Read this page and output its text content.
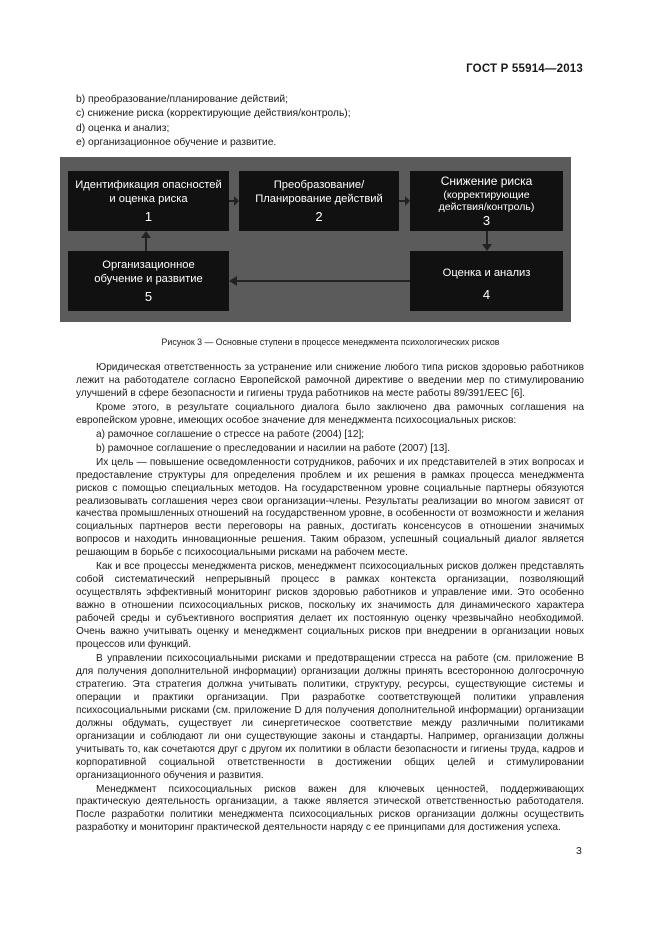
ГОСТ Р 55914—2013
b) преобразование/планирование действий;
c) снижение риска (корректирующие действия/контроль);
d) оценка и анализ;
e) организационное обучение и развитие.
Идентификация опасностей
и оценка риска
1
Преобразование/
Планирование действий
2
Снижение риска
(корректирующие
действия/контроль)
3
Оценка и анализ
4
Организационное
обучение и развитие
5
Рисунок 3 — Основные ступени в процессе менеджмента психологических рисков

Юридическая ответственность за устранение или снижение любого типа рисков здоровью работников лежит на работодателе согласно Европейской рамочной директиве о введении мер по стимулированию улучшений в сфере безопасности и гигиены труда работников на месте работы 89/391/ЕЕС [6].

Кроме этого, в результате социального диалога было заключено два рамочных соглашения на европейском уровне, имеющих особое значение для менеджмента психосоциальных рисков:

a) рамочное соглашение о стрессе на работе (2004) [12];

b) рамочное соглашение о преследовании и насилии на работе (2007) [13].

Их цель — повышение осведомленности сотрудников, рабочих и их представителей в этих вопросах и предоставление структуры для определения проблем и их решения в рамках процесса менеджмента рисков с помощью специальных методов. На государственном уровне социальные партнеры обязуются реализовывать соглашения через свои организации-члены. Результаты реализации во многом зависят от качества промышленных отношений на государственном уровне, в особенности от возможности и желания социальных партнеров вести переговоры на равных, достигать консенсусов в отношении значимых вопросов и находить инновационные решения. Таким образом, успешный социальный диалог является решающим в борьбе с психосоциальными рисками на рабочем месте.

Как и все процессы менеджмента рисков, менеджмент психосоциальных рисков должен представлять собой систематический непрерывный процесс в рамках контекста организации, позволяющий осуществлять эффективный мониторинг рисков здоровью работников и управление ими. Это особенно важно в отношении психосоциальных рисков, поскольку их значимость для динамического характера рабочей среды и субъективного восприятия делает их постоянную оценку чрезвычайно необходимой. Очень важно учитывать оценку и менеджмент социальных рисков при внедрении в организации новых процессов или функций.

В управлении психосоциальными рисками и предотвращении стресса на работе (см. приложение В для получения дополнительной информации) организации должны принять всесторонною долгосрочную стратегию. Эта стратегия должна учитывать политики, структуру, ресурсы, существующие системы и операции и практики организации. При разработке соответствующей политики управления психосоциальными рисками (см. приложение D для получения дополнительной информации) организации должны обдумать, существует ли синергетическое соответствие между различными политиками организации и соблюдают ли они существующие законы и стандарты. Например, организации должны учитывать то, как сочетаются друг с другом их политики в области безопасности и гигиены труда, кадров и корпоративной социальной ответственности в достижении общих целей и стимулировании организационного обучения и развития.

Менеджмент психосоциальных рисков важен для ключевых ценностей, поддерживающих практическую деятельность организации, а также является этической ответственностью работодателя. После разработки политики менеджмента психосоциальных рисков организации должны осуществить разработку и мониторинг практической деятельности наряду с ее принципами для достижения успеха.

3
